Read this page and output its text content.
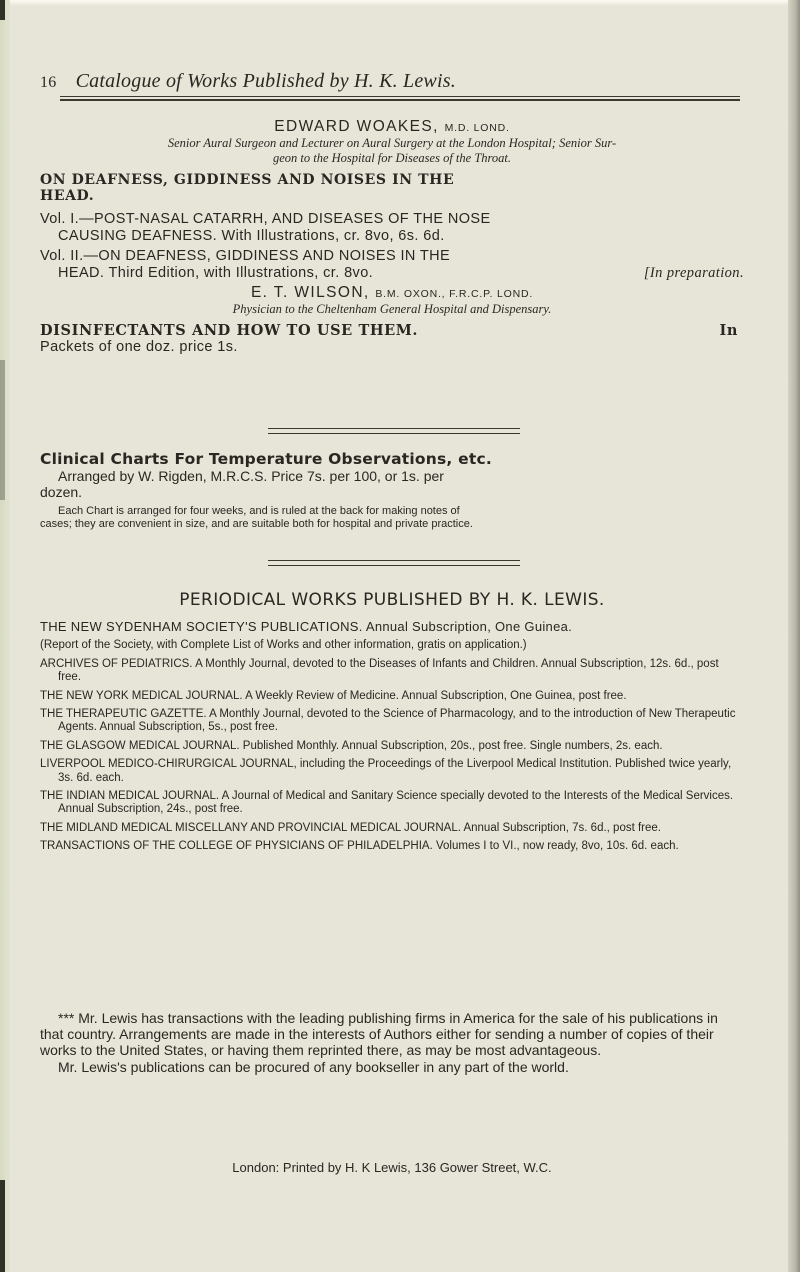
16 Catalogue of Works Published by H. K. Lewis.
EDWARD WOAKES, M.D. LOND.
Senior Aural Surgeon and Lecturer on Aural Surgery at the London Hospital; Senior Sur-
geon to the Hospital for Diseases of the Throat.
ON DEAFNESS, GIDDINESS AND NOISES IN THE
HEAD.
Vol. I.—POST-NASAL CATARRH, AND DISEASES OF THE NOSE
CAUSING DEAFNESS. With Illustrations, cr. 8vo, 6s. 6d.
Vol. II.—ON DEAFNESS, GIDDINESS AND NOISES IN THE
HEAD. Third Edition, with Illustrations, cr. 8vo.	[In preparation.
E. T. WILSON, B.M. OXON., F.R.C.P. LOND.
Physician to the Cheltenham General Hospital and Dispensary.
DISINFECTANTS AND HOW TO USE THEM.	In
Packets of one doz. price 1s.
Clinical Charts For Temperature Observations, etc.
Arranged by W. Rigden, M.R.C.S. Price 7s. per 100, or 1s. per
dozen.
Each Chart is arranged for four weeks, and is ruled at the back for making notes of
cases; they are convenient in size, and are suitable both for hospital and private practice.
PERIODICAL WORKS PUBLISHED BY H. K. LEWIS.
THE NEW SYDENHAM SOCIETY'S PUBLICATIONS. Annual Subscription, One Guinea.
(Report of the Society, with Complete List of Works and other information, gratis on application.)
ARCHIVES OF PEDIATRICS. A Monthly Journal, devoted to the Diseases of Infants and Children. Annual Subscription, 12s. 6d., post free.
THE NEW YORK MEDICAL JOURNAL. A Weekly Review of Medicine. Annual Subscription, One Guinea, post free.
THE THERAPEUTIC GAZETTE. A Monthly Journal, devoted to the Science of Pharmacology, and to the introduction of New Therapeutic Agents. Annual Subscription, 5s., post free.
THE GLASGOW MEDICAL JOURNAL. Published Monthly. Annual Subscription, 20s., post free. Single numbers, 2s. each.
LIVERPOOL MEDICO-CHIRURGICAL JOURNAL, including the Proceedings of the Liverpool Medical Institution. Published twice yearly, 3s. 6d. each.
THE INDIAN MEDICAL JOURNAL. A Journal of Medical and Sanitary Science specially devoted to the Interests of the Medical Services. Annual Subscription, 24s., post free.
THE MIDLAND MEDICAL MISCELLANY AND PROVINCIAL MEDICAL JOURNAL. Annual Subscription, 7s. 6d., post free.
TRANSACTIONS OF THE COLLEGE OF PHYSICIANS OF PHILADELPHIA. Volumes I to VI., now ready, 8vo, 10s. 6d. each.
*** Mr. Lewis has transactions with the leading publishing firms in America for the sale of his publications in that country. Arrangements are made in the interests of Authors either for sending a number of copies of their works to the United States, or having them reprinted there, as may be most advantageous.
Mr. Lewis's publications can be procured of any bookseller in any part of the world.
London: Printed by H. K Lewis, 136 Gower Street, W.C.
